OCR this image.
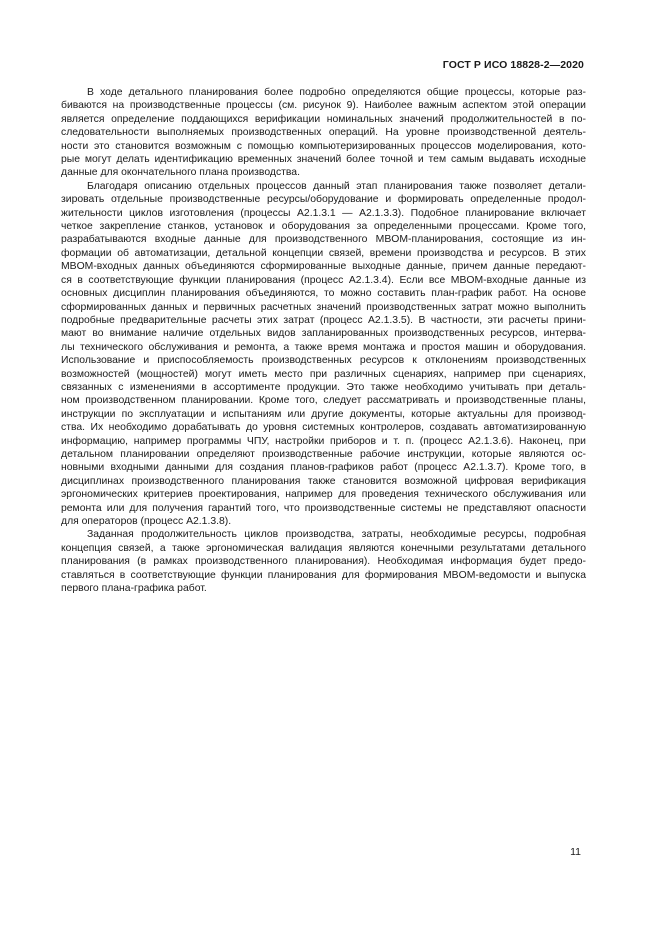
ГОСТ Р ИСО 18828-2—2020
В ходе детального планирования более подробно определяются общие процессы, которые раз-
биваются на производственные процессы (см. рисунок 9). Наиболее важным аспектом этой операции
является определение поддающихся верификации номинальных значений продолжительностей в по-
следовательности выполняемых производственных операций. На уровне производственной деятель-
ности это становится возможным с помощью компьютеризированных процессов моделирования, кото-
рые могут делать идентификацию временных значений более точной и тем самым выдавать исходные
данные для окончательного плана производства.
Благодаря описанию отдельных процессов данный этап планирования также позволяет детали-
зировать отдельные производственные ресурсы/оборудование и формировать определенные продол-
жительности циклов изготовления (процессы А2.1.3.1 — А2.1.3.3). Подобное планирование включает
четкое закрепление станков, установок и оборудования за определенными процессами. Кроме того,
разрабатываются входные данные для производственного MBOM-планирования, состоящие из ин-
формации об автоматизации, детальной концепции связей, времени производства и ресурсов. В этих
MBOM-входных данных объединяются сформированные выходные данные, причем данные передают-
ся в соответствующие функции планирования (процесс А2.1.3.4). Если все MBOM-входные данные из
основных дисциплин планирования объединяются, то можно составить план-график работ. На основе
сформированных данных и первичных расчетных значений производственных затрат можно выполнить
подробные предварительные расчеты этих затрат (процесс А2.1.3.5). В частности, эти расчеты прини-
мают во внимание наличие отдельных видов запланированных производственных ресурсов, интерва-
лы технического обслуживания и ремонта, а также время монтажа и простоя машин и оборудования.
Использование и приспособляемость производственных ресурсов к отклонениям производственных
возможностей (мощностей) могут иметь место при различных сценариях, например при сценариях,
связанных с изменениями в ассортименте продукции. Это также необходимо учитывать при деталь-
ном производственном планировании. Кроме того, следует рассматривать и производственные планы,
инструкции по эксплуатации и испытаниям или другие документы, которые актуальны для производ-
ства. Их необходимо дорабатывать до уровня системных контролеров, создавать автоматизированную
информацию, например программы ЧПУ, настройки приборов и т. п. (процесс А2.1.3.6). Наконец, при
детальном планировании определяют производственные рабочие инструкции, которые являются ос-
новными входными данными для создания планов-графиков работ (процесс А2.1.3.7). Кроме того, в
дисциплинах производственного планирования также становится возможной цифровая верификация
эргономических критериев проектирования, например для проведения технического обслуживания или
ремонта или для получения гарантий того, что производственные системы не представляют опасности
для операторов (процесс А2.1.3.8).
Заданная продолжительность циклов производства, затраты, необходимые ресурсы, подробная
концепция связей, а также эргономическая валидация являются конечными результатами детального
планирования (в рамках производственного планирования). Необходимая информация будет предо-
ставляться в соответствующие функции планирования для формирования MBOM-ведомости и выпуска
первого плана-графика работ.
11
